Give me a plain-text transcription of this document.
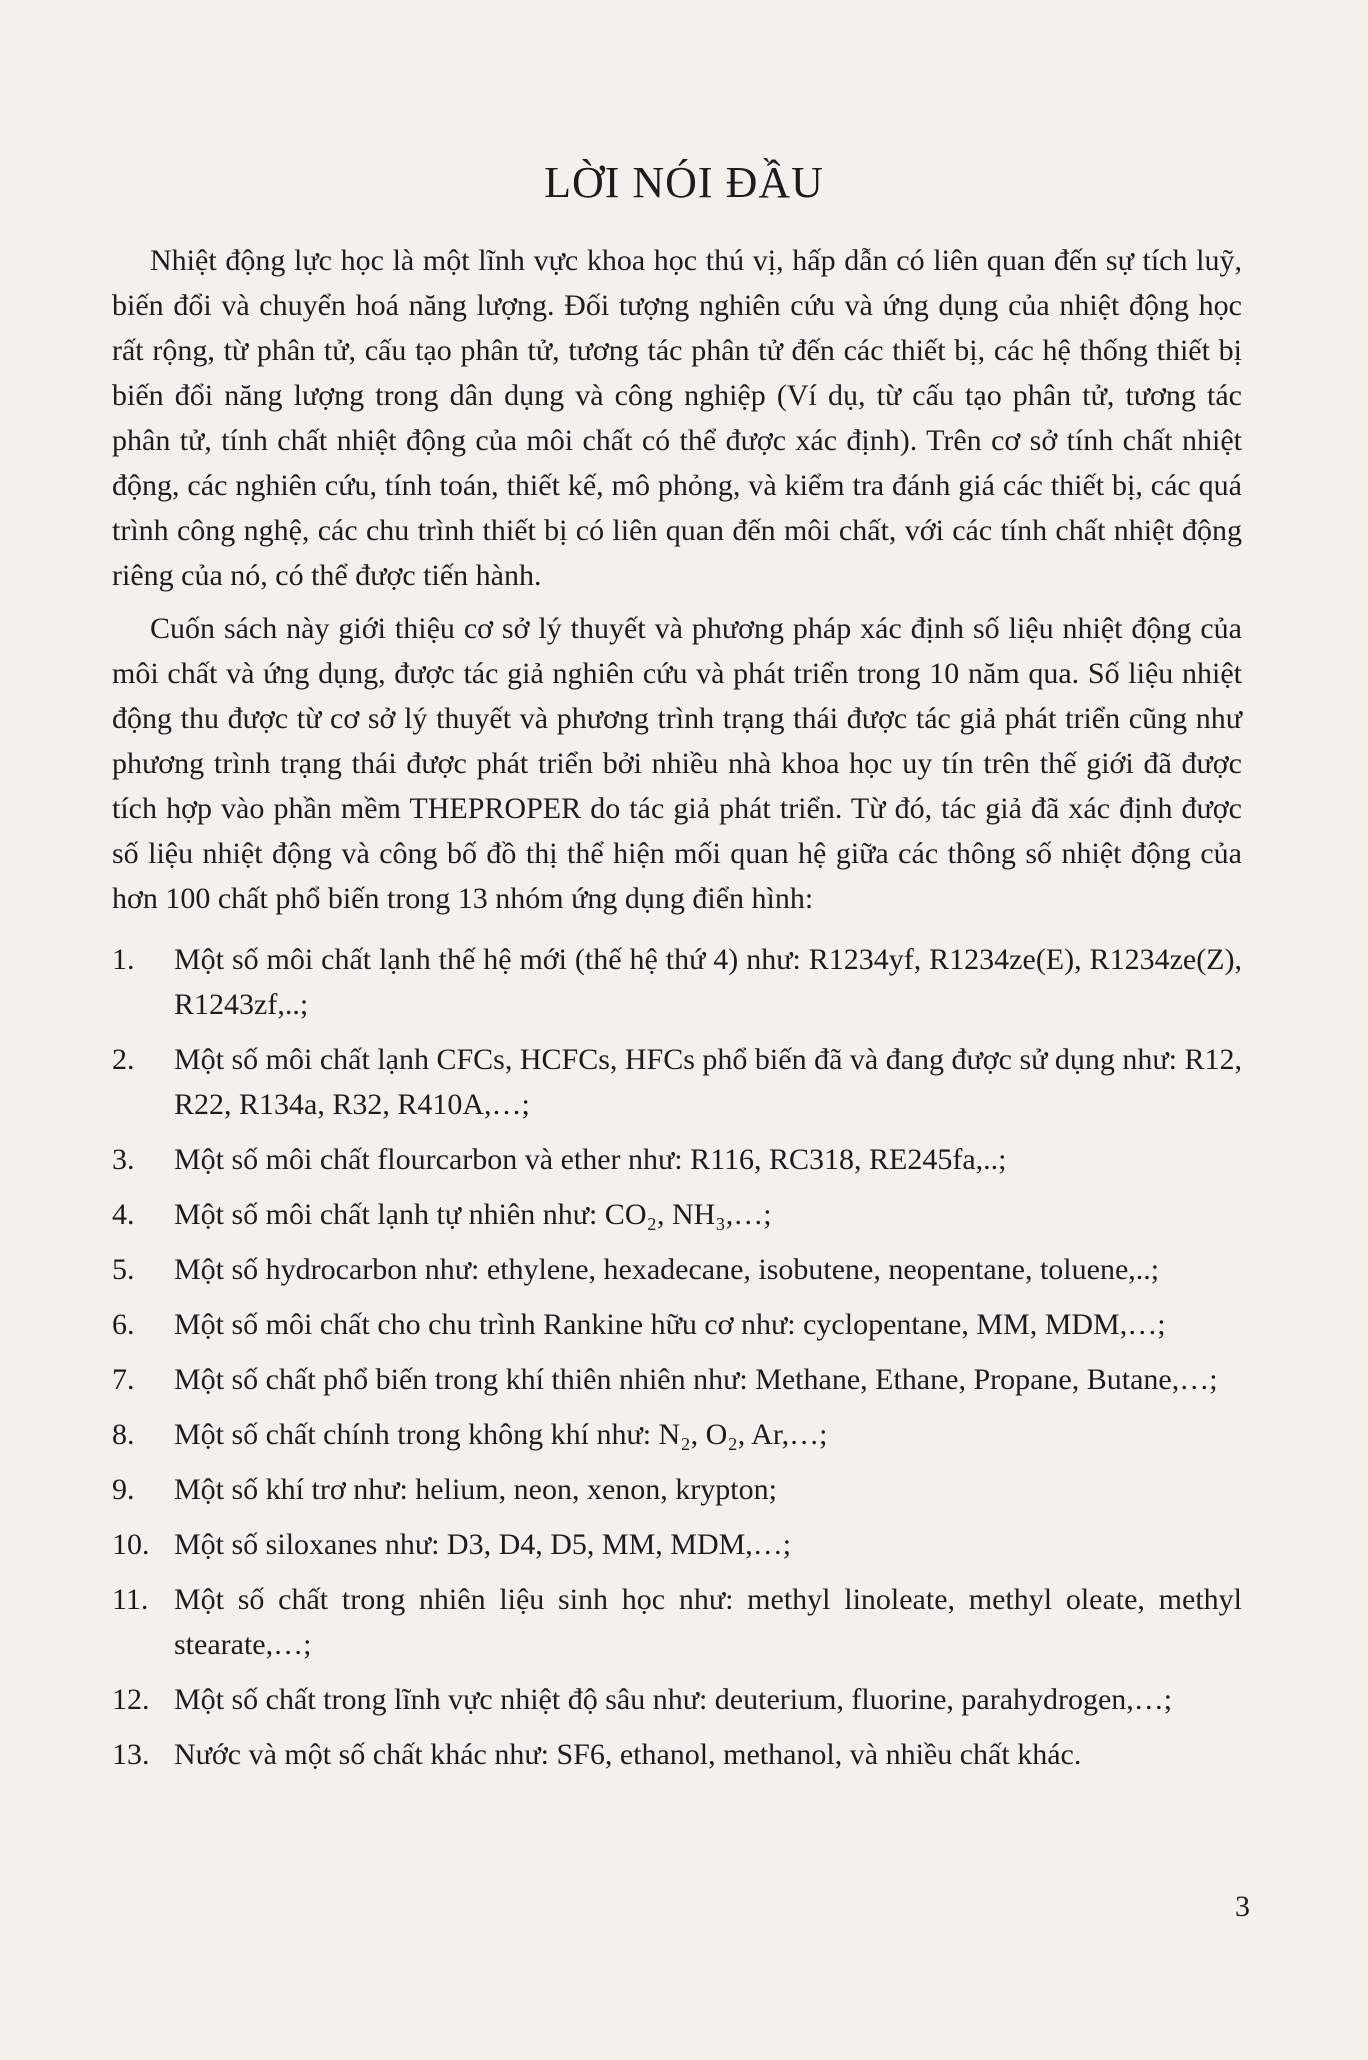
LỜI NÓI ĐẦU

Nhiệt động lực học là một lĩnh vực khoa học thú vị, hấp dẫn có liên quan đến sự tích luỹ, biến đổi và chuyển hoá năng lượng. Đối tượng nghiên cứu và ứng dụng của nhiệt động học rất rộng, từ phân tử, cấu tạo phân tử, tương tác phân tử đến các thiết bị, các hệ thống thiết bị biến đổi năng lượng trong dân dụng và công nghiệp (Ví dụ, từ cấu tạo phân tử, tương tác phân tử, tính chất nhiệt động của môi chất có thể được xác định). Trên cơ sở tính chất nhiệt động, các nghiên cứu, tính toán, thiết kế, mô phỏng, và kiểm tra đánh giá các thiết bị, các quá trình công nghệ, các chu trình thiết bị có liên quan đến môi chất, với các tính chất nhiệt động riêng của nó, có thể được tiến hành.

Cuốn sách này giới thiệu cơ sở lý thuyết và phương pháp xác định số liệu nhiệt động của môi chất và ứng dụng, được tác giả nghiên cứu và phát triển trong 10 năm qua. Số liệu nhiệt động thu được từ cơ sở lý thuyết và phương trình trạng thái được tác giả phát triển cũng như phương trình trạng thái được phát triển bởi nhiều nhà khoa học uy tín trên thế giới đã được tích hợp vào phần mềm THEPROPER do tác giả phát triển. Từ đó, tác giả đã xác định được số liệu nhiệt động và công bố đồ thị thể hiện mối quan hệ giữa các thông số nhiệt động của hơn 100 chất phổ biến trong 13 nhóm ứng dụng điển hình:

1.	Một số môi chất lạnh thế hệ mới (thế hệ thứ 4) như: R1234yf, R1234ze(E), R1234ze(Z), R1243zf,..;
2.	Một số môi chất lạnh CFCs, HCFCs, HFCs phổ biến đã và đang được sử dụng như: R12, R22, R134a, R32, R410A,…;
3.	Một số môi chất flourcarbon và ether như: R116, RC318, RE245fa,..;
4.	Một số môi chất lạnh tự nhiên như: CO₂, NH₃,…;
5.	Một số hydrocarbon như: ethylene, hexadecane, isobutene, neopentane, toluene,..;
6.	Một số môi chất cho chu trình Rankine hữu cơ như: cyclopentane, MM, MDM,…;
7.	Một số chất phổ biến trong khí thiên nhiên như: Methane, Ethane, Propane, Butane,…;
8.	Một số chất chính trong không khí như: N₂, O₂, Ar,…;
9.	Một số khí trơ như: helium, neon, xenon, krypton;
10. Một số siloxanes như: D3, D4, D5, MM, MDM,…;
11. Một số chất trong nhiên liệu sinh học như: methyl linoleate, methyl oleate, methyl stearate,…;
12. Một số chất trong lĩnh vực nhiệt độ sâu như: deuterium, fluorine, parahydrogen,…;
13. Nước và một số chất khác như: SF6, ethanol, methanol, và nhiều chất khác.
3
